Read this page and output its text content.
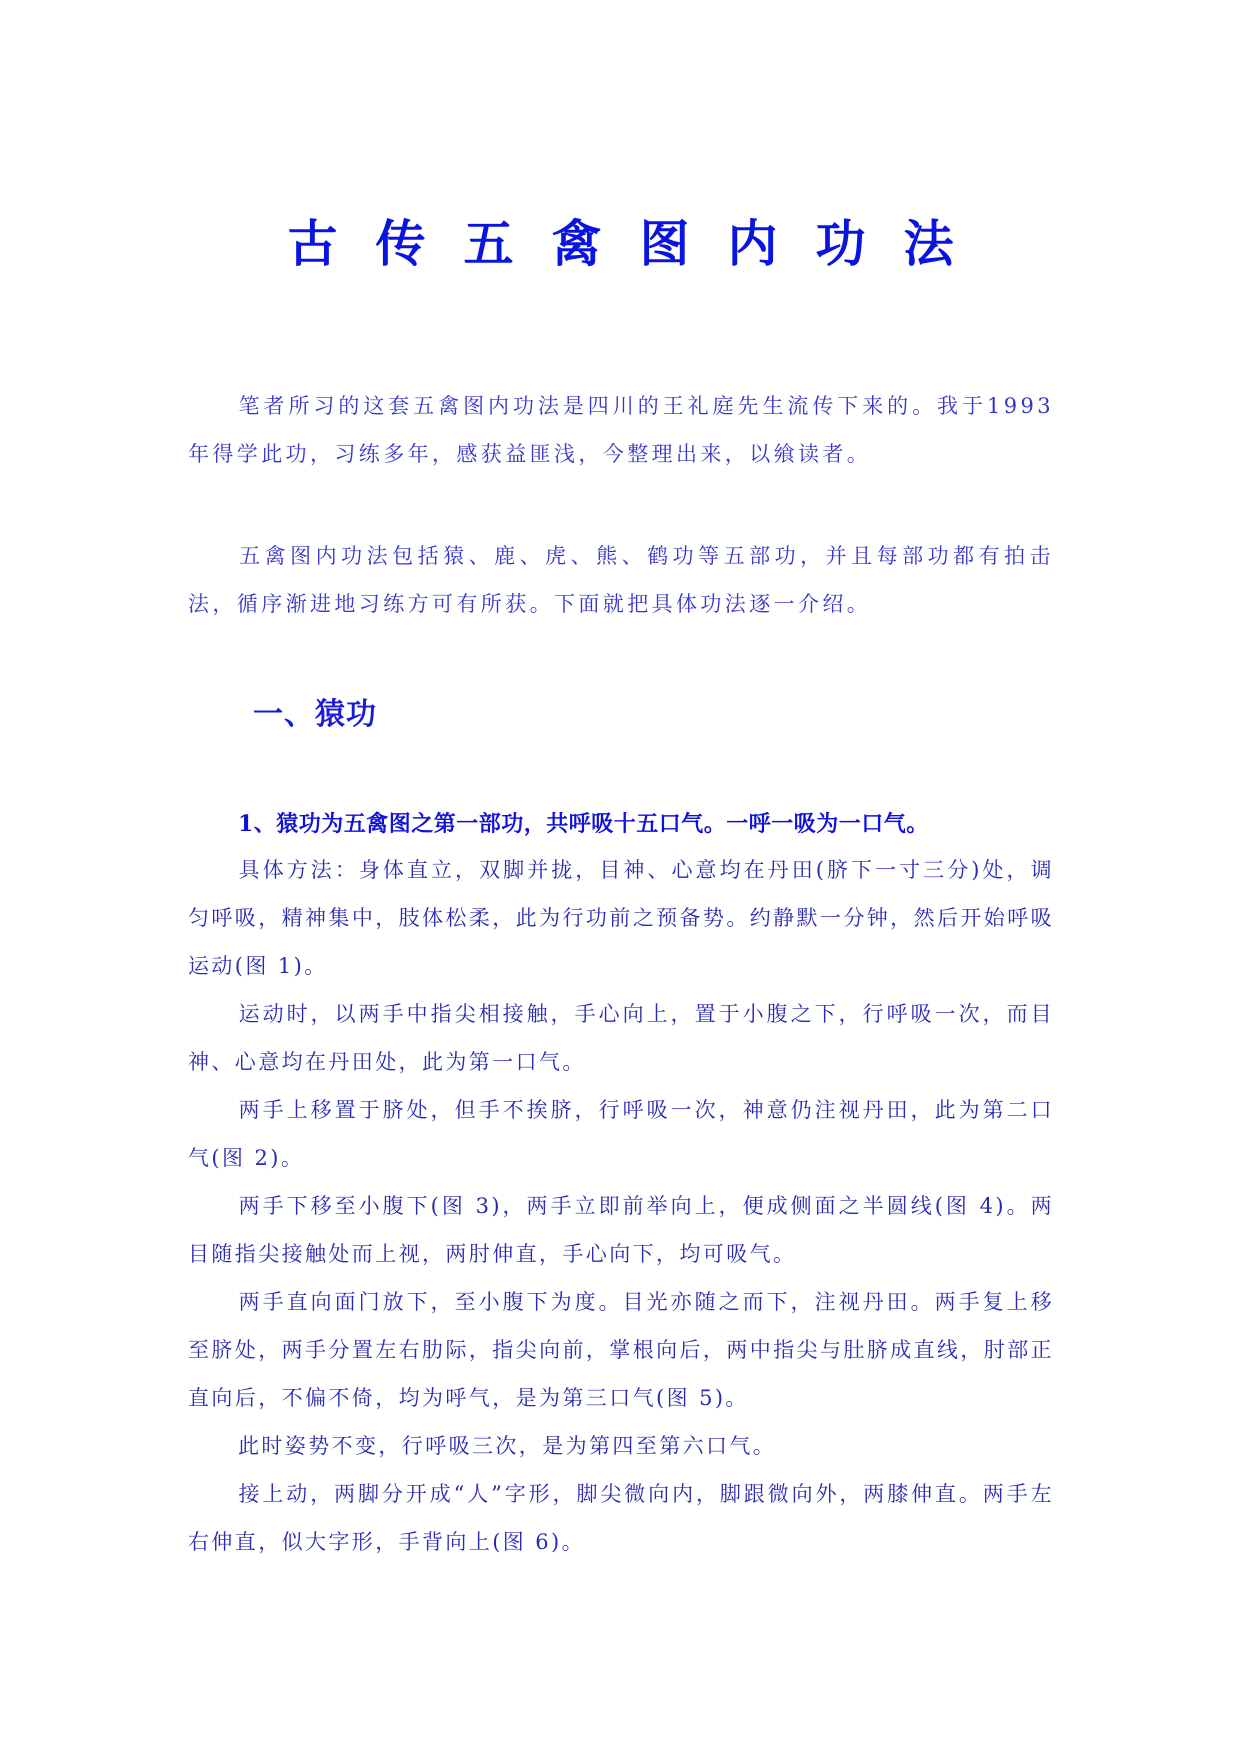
古传五禽图内功法
笔者所习的这套五禽图内功法是四川的王礼庭先生流传下来的。我于1993年得学此功，习练多年，感获益匪浅，今整理出来，以飨读者。
五禽图内功法包括猿、鹿、虎、熊、鹤功等五部功，并且每部功都有拍击法，循序渐进地习练方可有所获。下面就把具体功法逐一介绍。
一、猿功
1、猿功为五禽图之第一部功，共呼吸十五口气。一呼一吸为一口气。
具体方法：身体直立，双脚并拢，目神、心意均在丹田(脐下一寸三分)处，调匀呼吸，精神集中，肢体松柔，此为行功前之预备势。约静默一分钟，然后开始呼吸运动(图 1)。
运动时，以两手中指尖相接触，手心向上，置于小腹之下，行呼吸一次，而目神、心意均在丹田处，此为第一口气。
两手上移置于脐处，但手不挨脐，行呼吸一次，神意仍注视丹田，此为第二口气(图 2)。
两手下移至小腹下(图 3)，两手立即前举向上，便成侧面之半圆线(图 4)。两目随指尖接触处而上视，两肘伸直，手心向下，均可吸气。
两手直向面门放下，至小腹下为度。目光亦随之而下，注视丹田。两手复上移至脐处，两手分置左右肋际，指尖向前，掌根向后，两中指尖与肚脐成直线，肘部正直向后，不偏不倚，均为呼气，是为第三口气(图 5)。
此时姿势不变，行呼吸三次，是为第四至第六口气。
接上动，两脚分开成“人”字形，脚尖微向内，脚跟微向外，两膝伸直。两手左右伸直，似大字形，手背向上(图 6)。
